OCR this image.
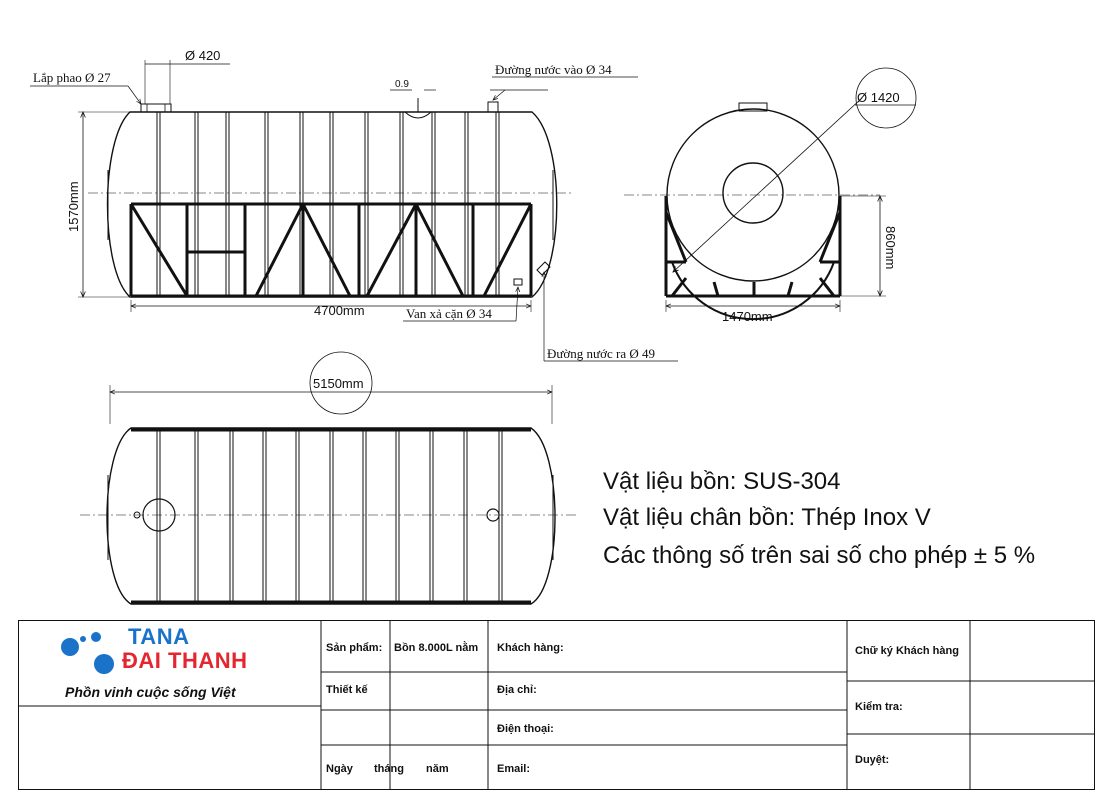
Lắp phao Ø 27
Ø 420
0.9
Đường nước vào Ø 34
1570mm
4700mm	Van xả cặn Ø 34
Đường nước ra Ø 49
Ø 1420
860mm
1470mm
5150mm
Vật liệu bồn: SUS-304
Vật liệu chân bồn: Thép Inox V
Các thông số trên sai số cho phép ± 5 %
TANA
ĐAI THANH
Phồn vinh cuộc sống Việt
Sản phẩm: Bồn 8.000L nằm
Thiết kế
Ngày tháng năm
Khách hàng:
Địa chỉ:
Điện thoại:
Email:
Chữ ký Khách hàng
Kiểm tra:
Duyệt:
